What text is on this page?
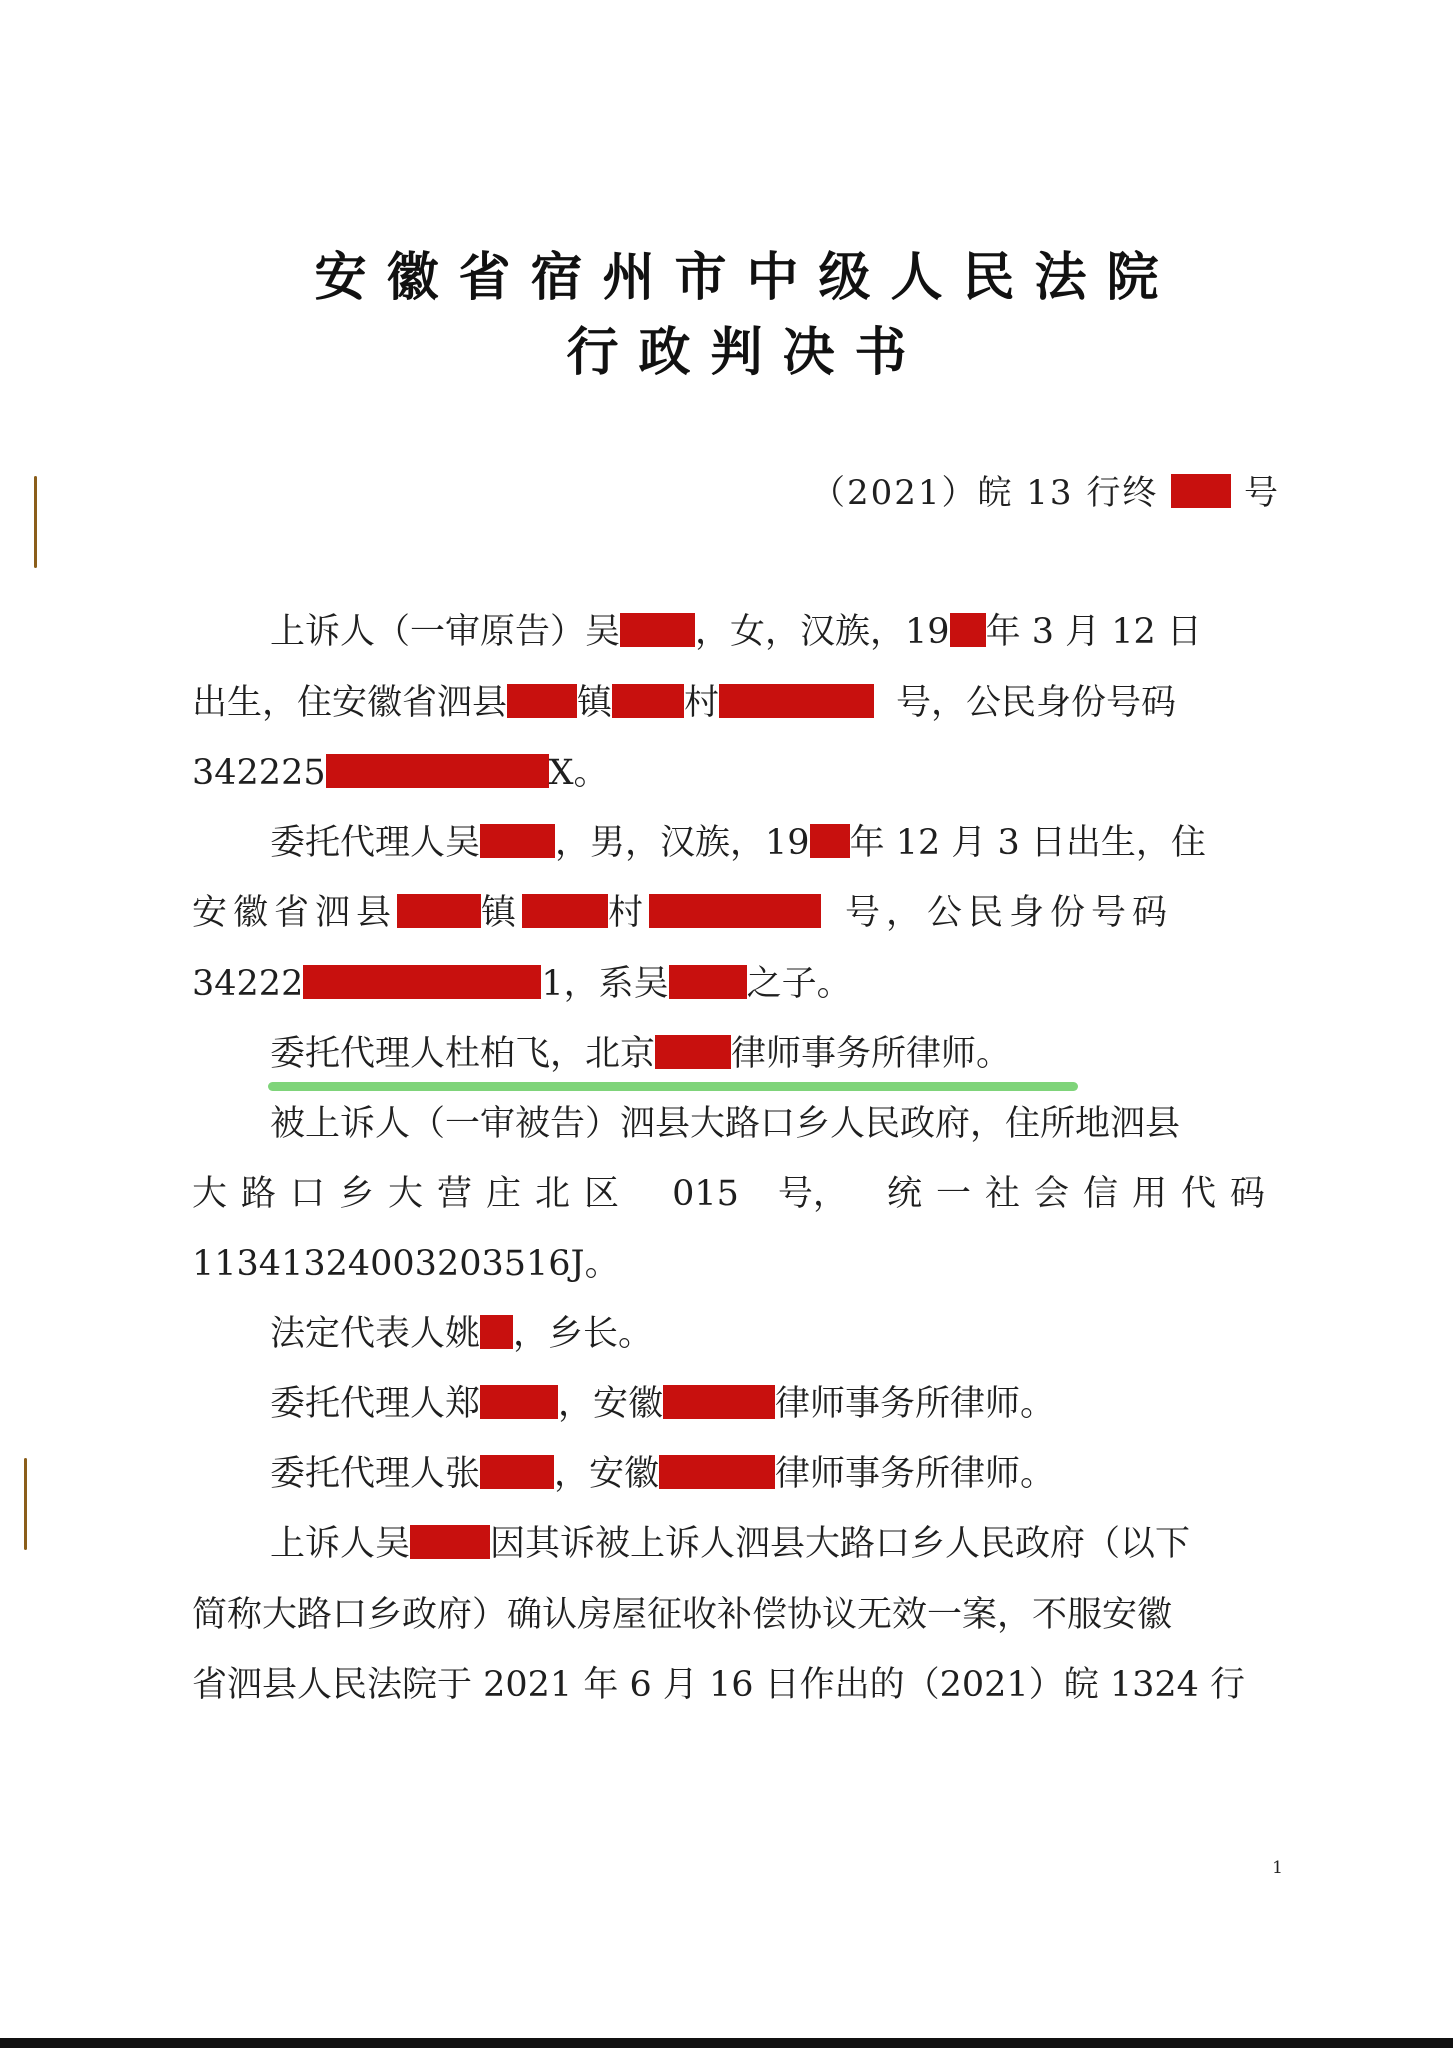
安徽省宿州市中级人民法院
行政判决书
（2021）皖 13 行终	号
上诉人（一审原告）吴 ，女，汉族，19 年 3 月 12 日
出生，住安徽省泗县 镇 村	号，公民身份号码
342225	X。
委托代理人吴 ，男，汉族，19 年 12 月 3 日出生，住
安徽省泗县 镇 村	号，公民身份号码
34222	1，系吴 之子。
委托代理人杜柏飞，北京 律师事务所律师。
被上诉人（一审被告）泗县大路口乡人民政府，住所地泗县
大路口乡大营庄北区 015 号， 统一社会信用代码
11341324003203516J。
法定代表人姚 ，乡长。
委托代理人郑 ，安徽	律师事务所律师。
委托代理人张 ，安徽	律师事务所律师。
上诉人吴 因其诉被上诉人泗县大路口乡人民政府（以下
简称大路口乡政府）确认房屋征收补偿协议无效一案，不服安徽
省泗县人民法院于 2021 年 6 月 16 日作出的（2021）皖 1324 行
1
